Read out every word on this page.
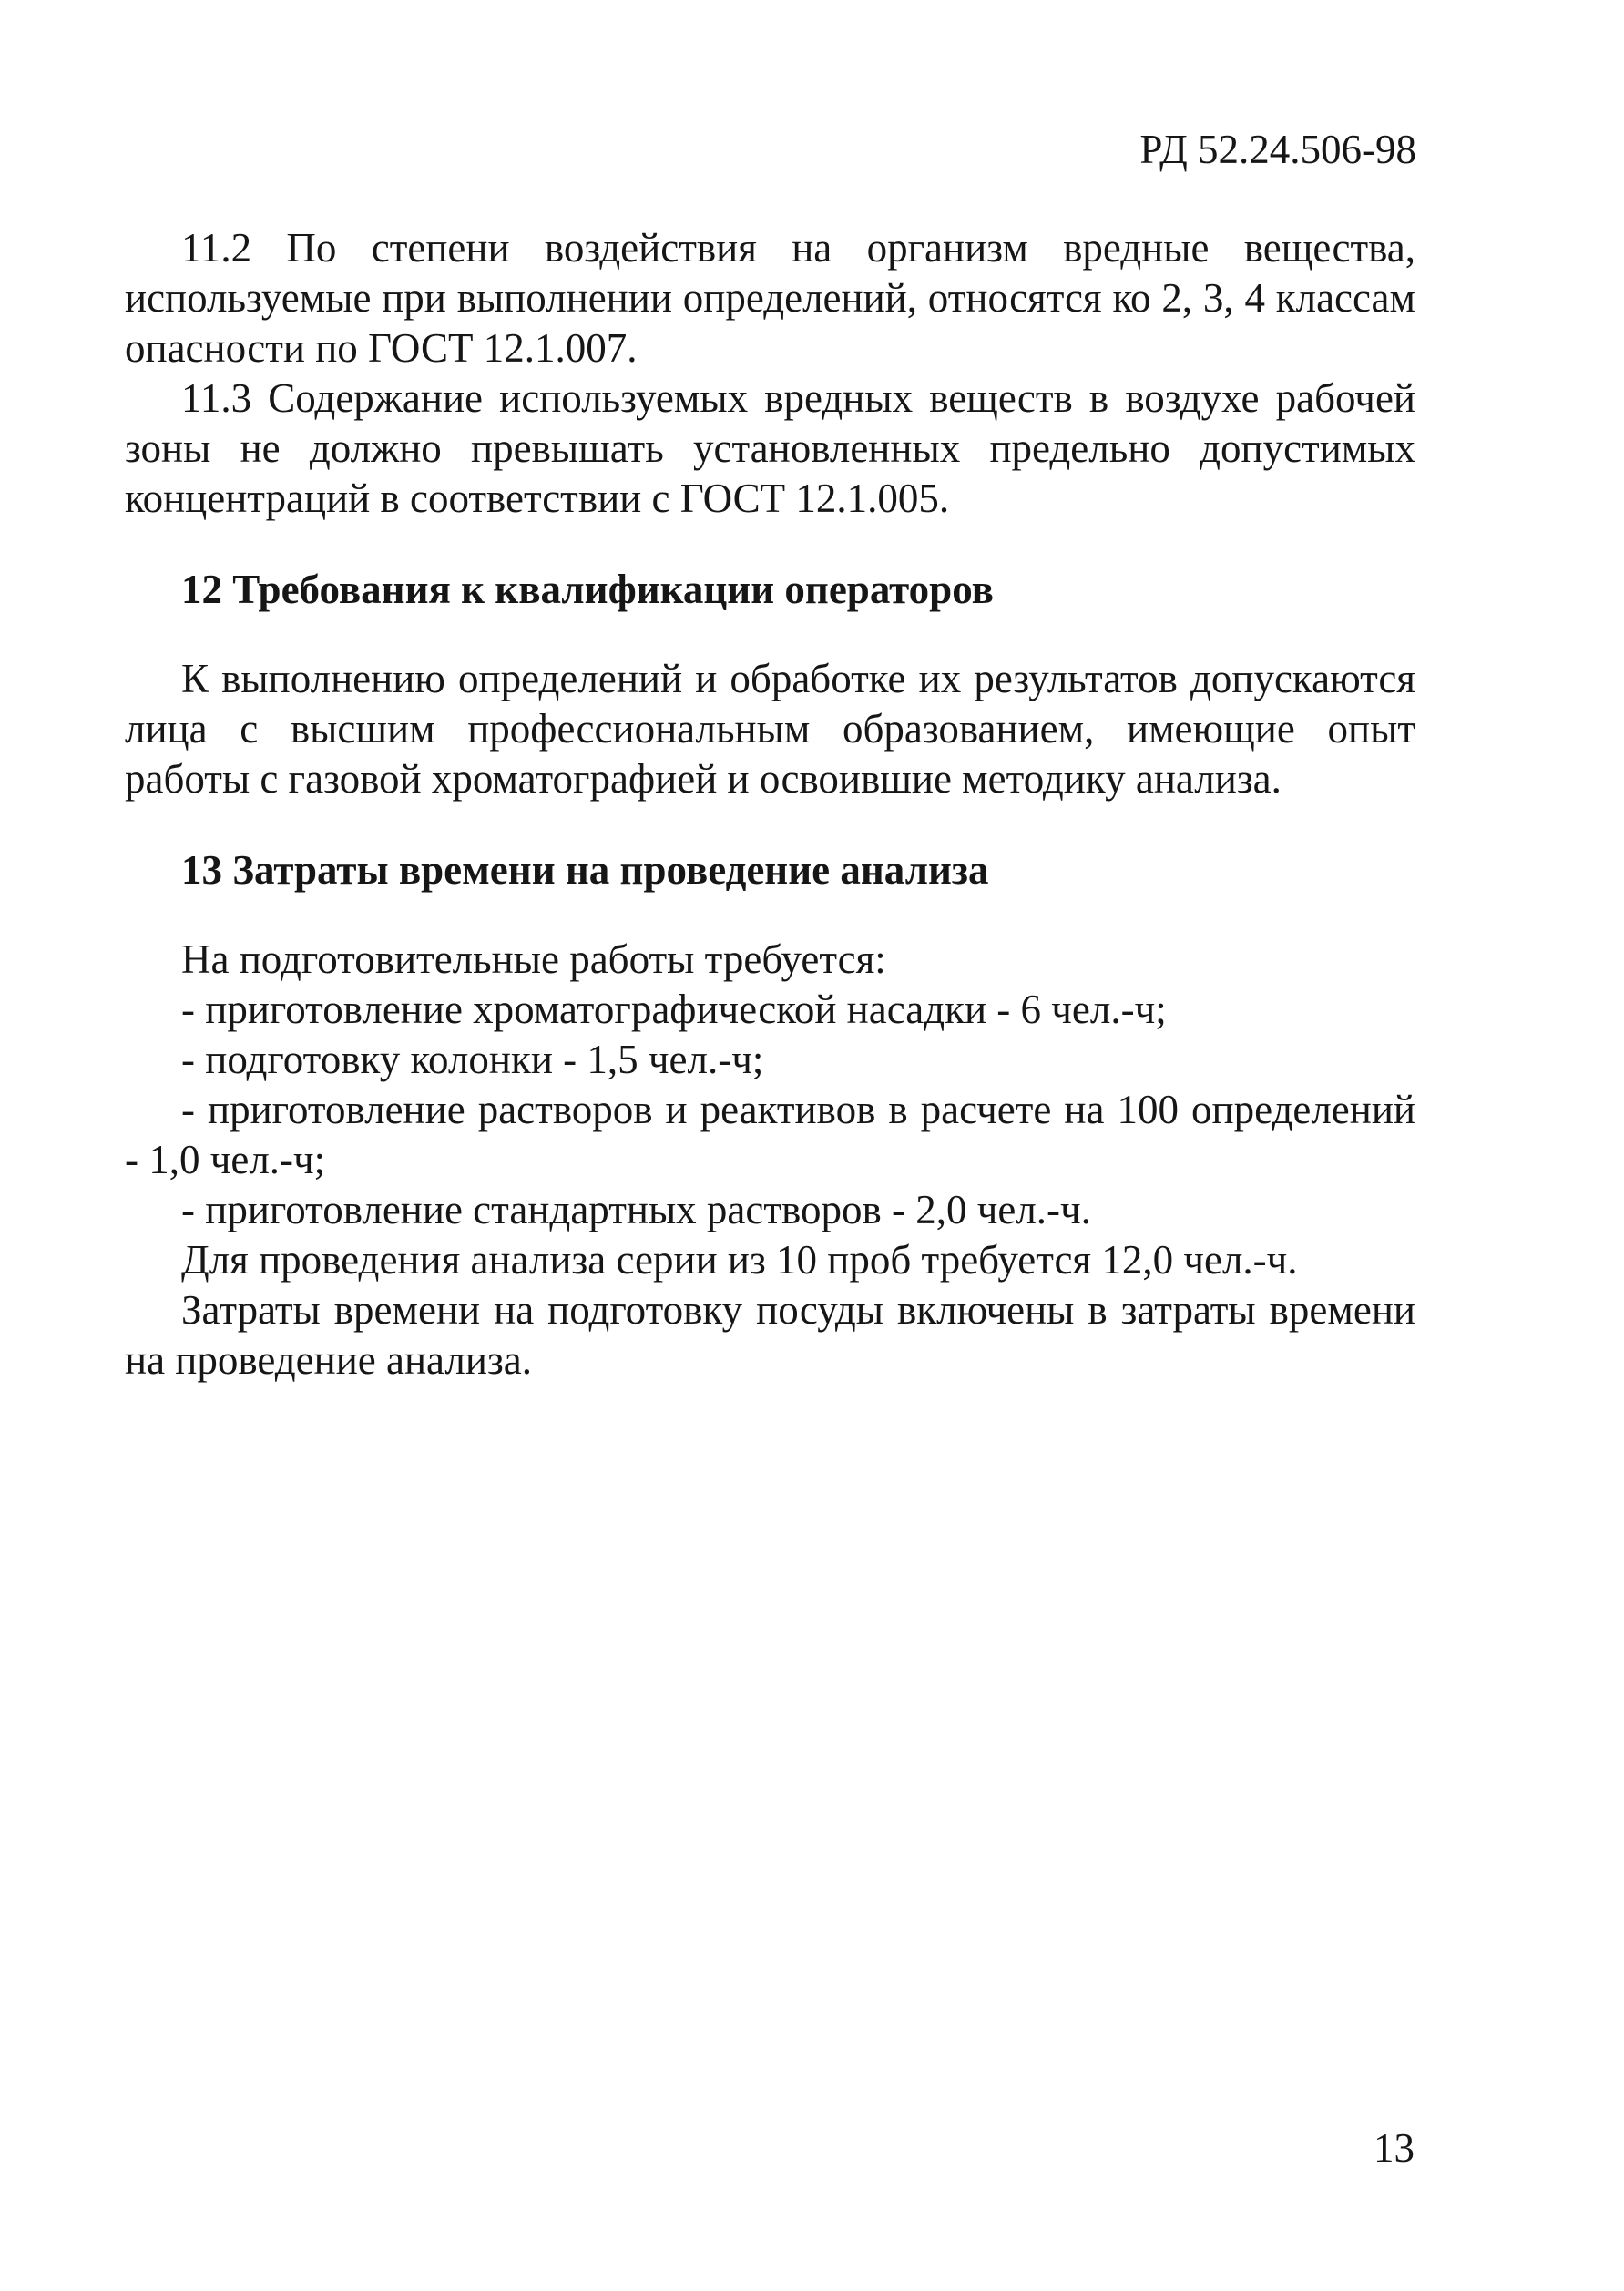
РД 52.24.506-98

11.2 По степени воздействия на организм вредные вещества, используемые при выполнении определений, относятся ко 2, 3, 4 классам опасности по ГОСТ 12.1.007.

11.3 Содержание используемых вредных веществ в воздухе рабочей зоны не должно превышать установленных предельно допустимых концентраций в соответствии с ГОСТ 12.1.005.

12 Требования к квалификации операторов

К выполнению определений и обработке их результатов допускаются лица с высшим профессиональным образованием, имеющие опыт работы с газовой хроматографией и освоившие методику анализа.

13 Затраты времени на проведение анализа

На подготовительные работы требуется:

- приготовление хроматографической насадки - 6 чел.-ч;

- подготовку колонки - 1,5 чел.-ч;

- приготовление растворов и реактивов в расчете на 100 определений - 1,0 чел.-ч;

- приготовление стандартных растворов - 2,0 чел.-ч.

Для проведения анализа серии из 10 проб требуется 12,0 чел.-ч.

Затраты времени на подготовку посуды включены в затраты времени на проведение анализа.

13
